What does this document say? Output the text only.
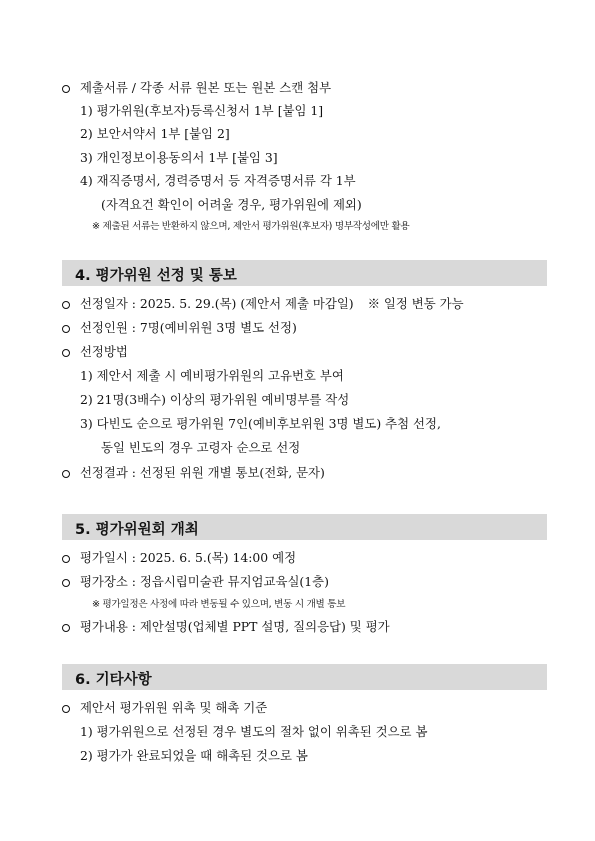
제출서류 / 각종 서류 원본 또는 원본 스캔 첨부
1) 평가위원(후보자)등록신청서 1부 [붙임 1]
2) 보안서약서 1부 [붙임 2]
3) 개인정보이용동의서 1부 [붙임 3]
4) 재직증명서, 경력증명서 등 자격증명서류 각 1부
(자격요건 확인이 어려울 경우, 평가위원에 제외)
※ 제출된 서류는 반환하지 않으며, 제안서 평가위원(후보자) 명부작성에만 활용
4. 평가위원 선정 및 통보
선정일자 : 2025. 5. 29.(목) (제안서 제출 마감일) ※ 일정 변동 가능
선정인원 : 7명(예비위원 3명 별도 선정)
선정방법
1) 제안서 제출 시 예비평가위원의 고유번호 부여
2) 21명(3배수) 이상의 평가위원 예비명부를 작성
3) 다빈도 순으로 평가위원 7인(예비후보위원 3명 별도) 추첨 선정,
동일 빈도의 경우 고령자 순으로 선정
선정결과 : 선정된 위원 개별 통보(전화, 문자)
5. 평가위원회 개최
평가일시 : 2025. 6. 5.(목) 14:00 예정
평가장소 : 정읍시립미술관 뮤지엄교육실(1층)
※ 평가일정은 사정에 따라 변동될 수 있으며, 변동 시 개별 통보
평가내용 : 제안설명(업체별 PPT 설명, 질의응답) 및 평가
6. 기타사항
제안서 평가위원 위촉 및 해촉 기준
1) 평가위원으로 선정된 경우 별도의 절차 없이 위촉된 것으로 봄
2) 평가가 완료되었을 때 해촉된 것으로 봄
